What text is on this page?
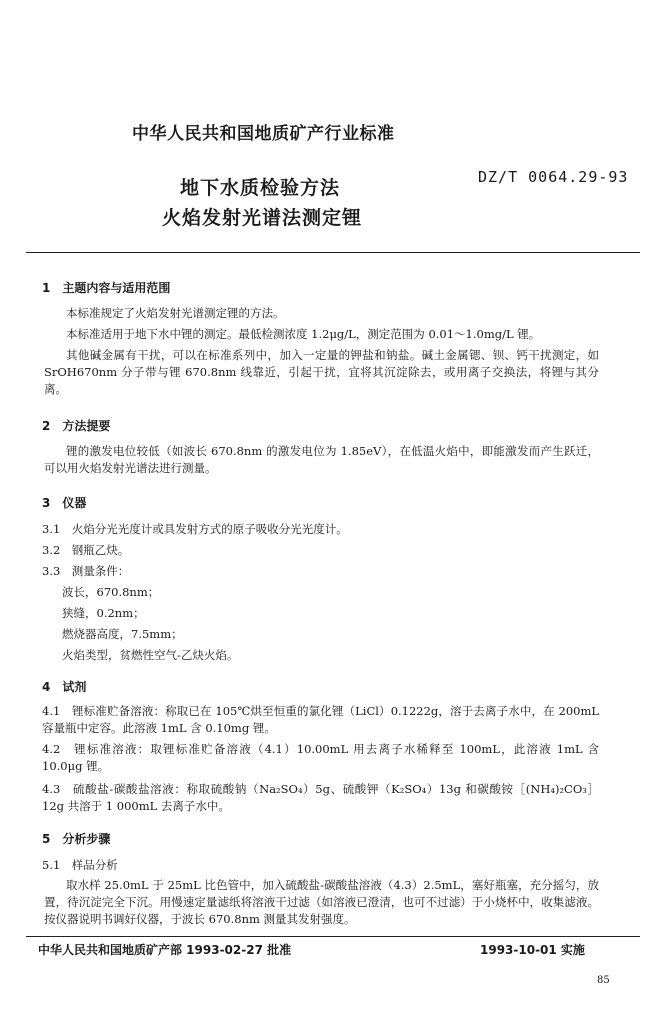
中华人民共和国地质矿产行业标准
地下水质检验方法
火焰发射光谱法测定锂
DZ/T 0064.29-93
1　主题内容与适用范围
本标准规定了火焰发射光谱测定锂的方法。
本标准适用于地下水中锂的测定。最低检测浓度 1.2μg/L，测定范围为 0.01～1.0mg/L 锂。
其他碱金属有干扰，可以在标准系列中，加入一定量的钾盐和钠盐。碱土金属锶、钡、钙干扰测定，如 SrOH670nm 分子带与锂 670.8nm 线靠近，引起干扰，宜将其沉淀除去，或用离子交换法，将锂与其分离。
2　方法提要
锂的激发电位较低（如波长 670.8nm 的激发电位为 1.85eV），在低温火焰中，即能激发而产生跃迁，可以用火焰发射光谱法进行测量。
3　仪器
3.1　火焰分光光度计或具发射方式的原子吸收分光光度计。
3.2　钢瓶乙炔。
3.3　测量条件：
波长，670.8nm；
狭缝，0.2nm；
燃烧器高度，7.5mm；
火焰类型，贫燃性空气-乙炔火焰。
4　试剂
4.1　锂标准贮备溶液：称取已在 105℃烘至恒重的氯化锂（LiCl）0.1222g，溶于去离子水中，在 200mL 容量瓶中定容。此溶液 1mL 含 0.10mg 锂。
4.2　锂标准溶液：取锂标准贮备溶液（4.1）10.00mL 用去离子水稀释至 100mL，此溶液 1mL 含 10.0μg 锂。
4.3　硫酸盐-碳酸盐溶液：称取硫酸钠（Na₂SO₄）5g、硫酸钾（K₂SO₄）13g 和碳酸铵［(NH₄)₂CO₃］12g 共溶于 1 000mL 去离子水中。
5　分析步骤
5.1　样品分析
取水样 25.0mL 于 25mL 比色管中，加入硫酸盐-碳酸盐溶液（4.3）2.5mL，塞好瓶塞，充分摇匀，放置，待沉淀完全下沉。用慢速定量滤纸将溶液干过滤（如溶液已澄清，也可不过滤）于小烧杯中，收集滤液。按仪器说明书调好仪器，于波长 670.8nm 测量其发射强度。
中华人民共和国地质矿产部 1993-02-27 批准	1993-10-01 实施
85
